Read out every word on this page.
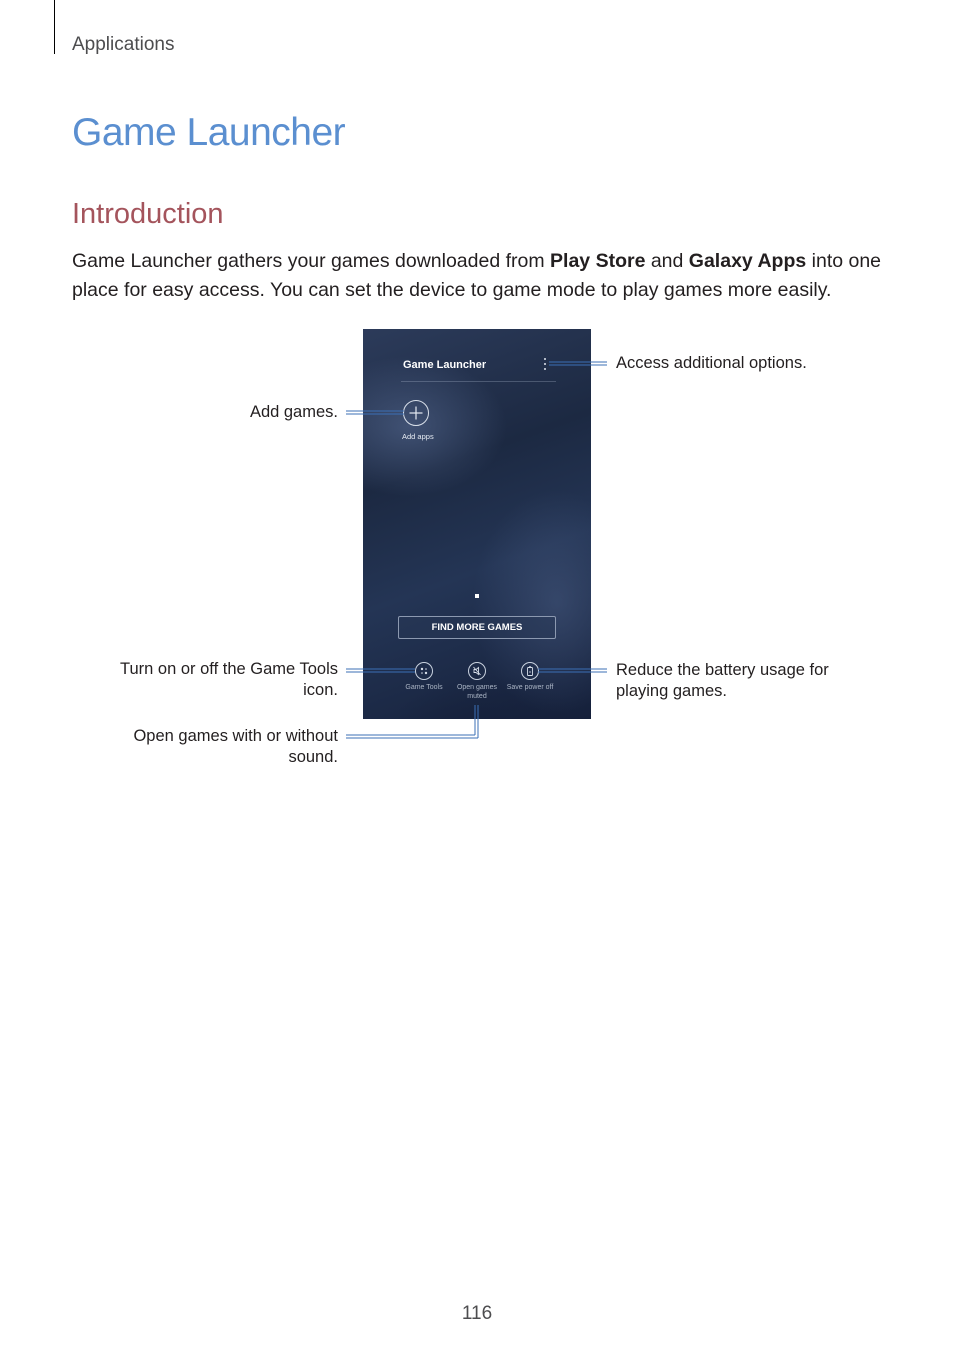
Applications
Game Launcher
Introduction

Game Launcher gathers your games downloaded from Play Store and Galaxy Apps into one place for easy access. You can set the device to game mode to play games more easily.

Game Launcher
Add apps
FIND MORE GAMES
Game Tools	Open games muted
Save power off
Access additional options.
Add games.
Turn on or off the Game Tools icon.
Reduce the battery usage for playing games.
Open games with or without sound.
116
